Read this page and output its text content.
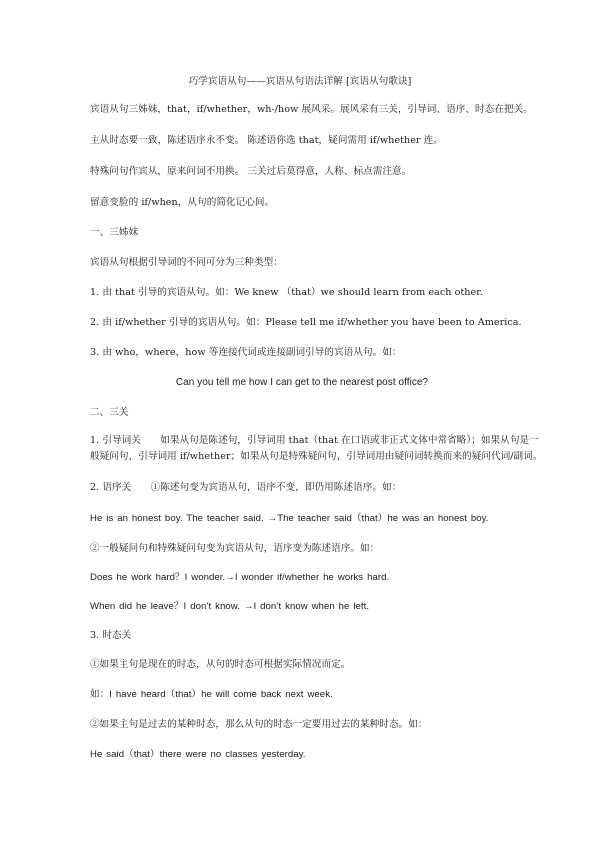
巧学宾语从句——宾语从句语法详解 [宾语从句歌诀]
宾语从句三姊妹，that，if/whether，wh-/how 展风采。展风采有三关，引导词、语序、时态在把关。
主从时态要一致，陈述语序永不变。 陈述语你选 that，疑问需用 if/whether 连。
特殊问句作宾从，原来问词不用换。 三关过后莫得意，人称、标点需注意。
留意变脸的 if/when，从句的简化记心间。
一、三姊妹
宾语从句根据引导词的不同可分为三种类型：
1. 由 that 引导的宾语从句。如：We knew （that）we should learn from each other.
2. 由 if/whether 引导的宾语从句。如：Please tell me if/whether you have been to America.
3. 由 who，where，how 等连接代词或连接副词引导的宾语从句。如：
Can you tell me how I can get to the nearest post office?
二、三关
1. 引导词关　　如果从句是陈述句，引导词用 that（that 在口语或非正式文体中常省略）；如果从句是一
般疑问句，引导词用 if/whether；如果从句是特殊疑问句，引导词用由疑问词转换而来的疑问代词/副词。
2. 语序关　　①陈述句变为宾语从句，语序不变，即仍用陈述语序。如：
He is an honest boy. The teacher said. →The teacher said（that）he was an honest boy.
②一般疑问句和特殊疑问句变为宾语从句，语序变为陈述语序。如：
Does he work hard？I wonder.→I wonder if/whether he works hard.
When did he leave？I don’t know. →I don’t know when he left.
3. 时态关
①如果主句是现在的时态，从句的时态可根据实际情况而定。
如：I have heard（that）he will come back next week.
②如果主句是过去的某种时态，那么从句的时态一定要用过去的某种时态。如：
He said（that）there were no classes yesterday.
